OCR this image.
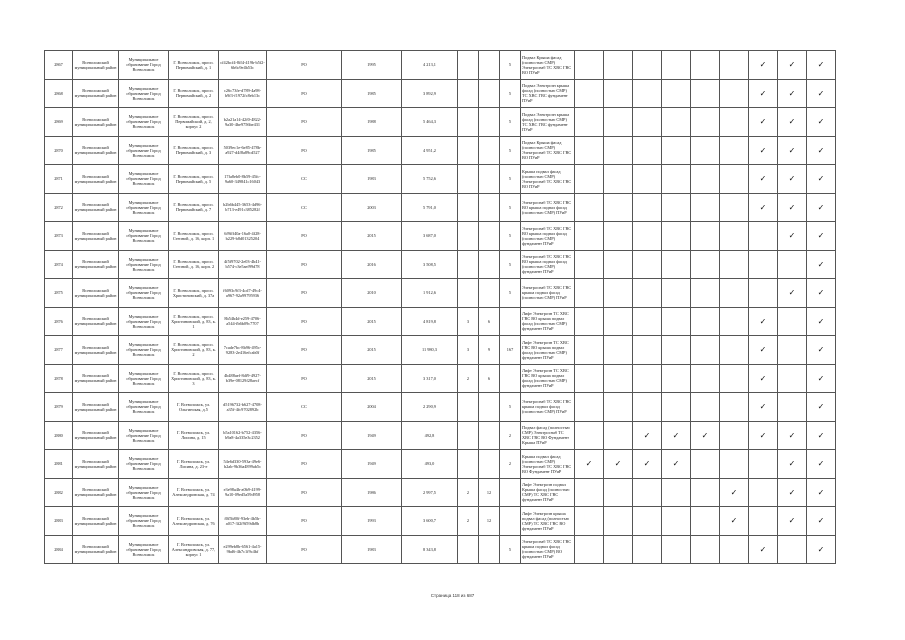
2867	Всеволожский муниципальный район	Муниципальное образование Город Всеволожск	Г. Всеволожск, просп. Первомайский, д. 1	cf42bcf4-8ff4-419b-b5f2-6b6c9e4b53c	РО	1995	4 213,1			5	Подвал Крыша фасад (полностью СМР) Электроснаб ТС ХВС ГВС ВО ПУиР							✓	✓	✓
2868	Всеволожский муниципальный район	Муниципальное образование Город Всеволожск	Г. Всеволожск, просп. Первомайский, д. 2	c26c73fe-d789-4a98-b9f3-f1972fc8eb13c	РО	1985	3 892,9			5	Подвал Электроэн крыша фасад (полностью СМР) ТС ХВС ГВС фундамент ПУиР							✓	✓	✓
2869	Всеволожский муниципальный район	Муниципальное образование Город Всеволожск	Г. Всеволожск, просп. Первомайский, д. 2, корпус 2	b2a21a14-42f0-4822-9a30-4be9756be431	РО	1988	5 464,3			5	Подвал Электроэн крыша фасад (полностью СМР) ТС ХВС ГВС фундамент ПУиР							✓	✓	✓
2870	Всеволожский муниципальный район	Муниципальное образование Город Всеволожск	Г. Всеволожск, просп. Первомайский, д. 3	5039ec1e-6e85-478b-a927-d4f8a89cd527	РО	1985	4 951,2			5	Подвал Крыша фасад (полностью СМР) Электроснаб ТС ХВС ГВС ВО ПУиР							✓	✓	✓
2871	Всеволожский муниципальный район	Муниципальное образование Город Всеволожск	Г. Всеволожск, просп. Первомайский, д. 5	17fa8eb0-8b59-45fc-9a60-349841c16043	СС	1983	5 752,6			5	Крыша подвал фасад (полностью СМР) Электроснаб ТС ХВС ГВС ВО ПУиР							✓	✓	✓
2872	Всеволожский муниципальный район	Муниципальное образование Город Всеволожск	Г. Всеволожск, просп. Первомайский, д. 7	b2b6b445-3653-4d96-b713-e491c385282f	СС	2003	5 791,0			5	Электроснаб ТС ХВС ГВС ВО крыша подвал фасад (полностью СМР) ПУиР							✓	✓	✓
2873	Всеволожский муниципальный район	Муниципальное образование Город Всеволожск	Г. Всеволожск, просп. Степной, д. 16, корп. 1	6f9fff40a-16a0-4f28-b229-b8d01325204	РО	2015	3 687,0			5	Электроснаб ТС ХВС ГВС ВО крыша подвал фасад (полностью СМР) фундамент ПУиР								✓	✓
2874	Всеволожский муниципальный район	Муниципальное образование Город Всеволожск	Г. Всеволожск, просп. Степной, д. 16, корп. 2	4f5f9702-2e03-4b41-b574-c3e5aef99d78	РО	2016	3 508,5			5	Электроснаб ТС ХВС ГВС ВО крыша подвал фасад (полностью СМР) фундамент ПУиР									✓
2875	Всеволожский муниципальный район	Муниципальное образование Город Всеволожск	Г. Всеволожск, просп. Христиновский, д. 37а	f6093c9f3-4cd7-49c4-a967-92a99795936	РО	2010	1 912,6			5	Электроснаб ТС ХВС ГВС крыша подвал фасад (полностью СМР) ПУиР								✓	✓
2876	Всеволожский муниципальный район	Муниципальное образование Город Всеволожск	Г. Всеволожск, просп. Христиновский, д. 83, к. 1	8b54b4d-e259-4706-a544-fb6b09c7707	РО	2015	4 819,8	3	6		Лифт Электроэн ТС ХВС ГВС ВО крыша подвал фасад (полностью СМР) фундамент ПУиР							✓		✓
2877	Всеволожский муниципальный район	Муниципальное образование Город Всеволожск	Г. Всеволожск, просп. Христиновский, д. 83, к. 2	7cade7bc-8b96-495c-9283-2e416efcab0f	РО	2015	11 980,3	3	9	167	Лифт Электроэн ТС ХВС ГВС ВО крыша подвал фасад (полностью СМР) фундамент ПУиР							✓		✓
2878	Всеволожский муниципальный район	Муниципальное образование Город Всеволожск	Г. Всеволожск, просп. Христиновский, д. 83, к. 3	4b488aef-8df9-4927-b39e-08129f28aecf	РО	2015	3 317,0	2	6		Лифт Электроэн ТС ХВС ГВС ВО крыша подвал фасад (полностью СМР) фундамент ПУиР							✓		✓
2879	Всеволожский муниципальный район	Муниципальное образование Город Всеволожск	Г. Всеволожск, ул. Ольгинская, д.5	d5196732-b627-4708-a35f-4fc9702892b	СС	2004	2 290,9			5	Электроснаб ТС ХВС ГВС крыша подвал фасад (полностью СМР) ПУиР							✓		✓
2880	Всеволожский муниципальный район	Муниципальное образование Город Всеволожск	Г. Всеволожск, ул. Лисина, д. 15	b5a10162-b752-4356-b9a8-4a335e3c2352	РО	1949	492,8			2	Подвал фасад (полностью СМР) Электроснаб ТС ХВС ГВС ВО Фундамент Крыша ПУиР			✓	✓	✓		✓	✓	✓
2881	Всеволожский муниципальный район	Муниципальное образование Город Всеволожск	Г. Всеволожск, ул. Лисина, д. 23-е	54e6d330-593a-49e6-b2ab-9b36a4899ab5c	РО	1949	493,0			2	Крыша подвал фасад (полностью СМР) Электроснаб ТС ХВС ГВС ВО Фундамент ПУиР	✓	✓	✓	✓				✓	✓
2882	Всеволожский муниципальный район	Муниципальное образование Город Всеволожск	Г. Всеволожск, ул. Александровская, д. 74	e3e98a4b-a0b9-4199-9a10-09ed5a59d958	РО	1986	2 997,5	2	12		Лифт Электроэн подвал Крыша фасад (полностью СМР) ТС ХВС ГВС фундамент ПУиР						✓		✓	✓
2883	Всеволожский муниципальный район	Муниципальное образование Город Всеволожск	Г. Всеволожск, ул. Александровская, д. 76	f0f5b80f-93eb-4b5b-a017-3f2f9f59db8b	РО	1993	3 600,7	2	12		Лифт Электроэн крыша подвал фасад (полностью СМР) ТС ХВС ГВС ВО фундамент ПУиР						✓		✓	✓
2884	Всеволожский муниципальный район	Муниципальное образование Город Всеволожск	Г. Всеволожск, ул. Александровская, д. 77, корпус 1	e299eb8b-6561-4a15-9bd6-4b7c1f9c4bf	РО	1983	8 343,8			5	Электроснаб ТС ХВС ГВС крыша подвал фасад (полностью СМР) ВО фундамент ПУиР							✓		✓
Страница 118 из 687
